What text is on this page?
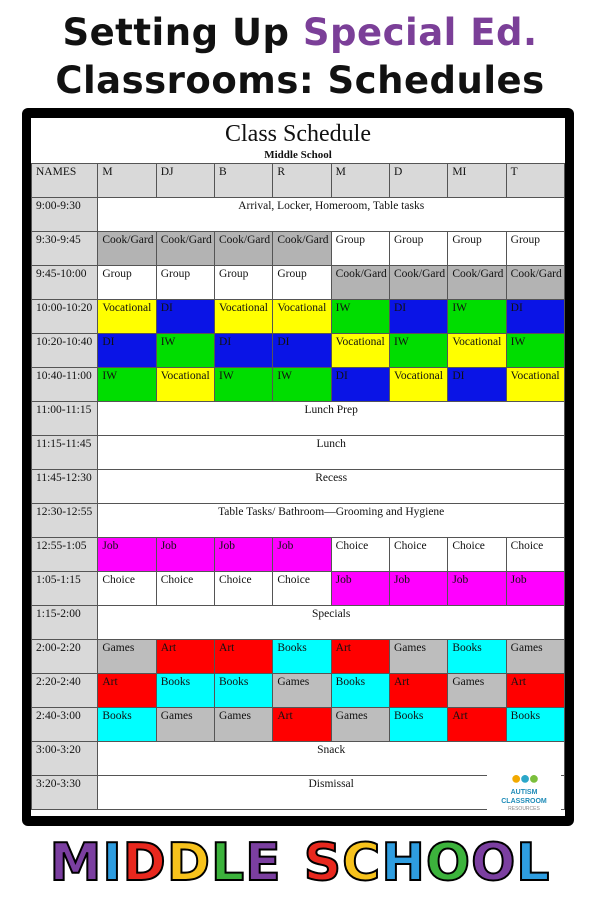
Setting Up Special Ed.
Classrooms: Schedules
Class Schedule
Middle School
NAMES	M	DJ	B	R	M	D	MI	T
9:00-9:30	Arrival, Locker, Homeroom, Table tasks							
9:30-9:45	Cook/Gard	Cook/Gard	Cook/Gard	Cook/Gard	Group	Group	Group	Group
9:45-10:00	Group	Group	Group	Group	Cook/Gard	Cook/Gard	Cook/Gard	Cook/Gard
10:00-10:20	Vocational	DI	Vocational	Vocational	IW	DI	IW	DI
10:20-10:40	DI	IW	DI	DI	Vocational	IW	Vocational	IW
10:40-11:00	IW	Vocational	IW	IW	DI	Vocational	DI	Vocational
11:00-11:15	Lunch Prep							
11:15-11:45	Lunch							
11:45-12:30	Recess							
12:30-12:55	Table Tasks/ Bathroom—Grooming and Hygiene							
12:55-1:05	Job	Job	Job	Job	Choice	Choice	Choice	Choice
1:05-1:15	Choice	Choice	Choice	Choice	Job	Job	Job	Job
1:15-2:00	Specials							
2:00-2:20	Games	Art	Art	Books	Art	Games	Books	Games
2:20-2:40	Art	Books	Books	Games	Books	Art	Games	Art
2:40-3:00	Books	Games	Games	Art	Games	Books	Art	Books
3:00-3:20	Snack							
3:20-3:30	Dismissal								●●●
AUTISM CLASSROOM
RESOURCES
MIDDLE SCHOOL
